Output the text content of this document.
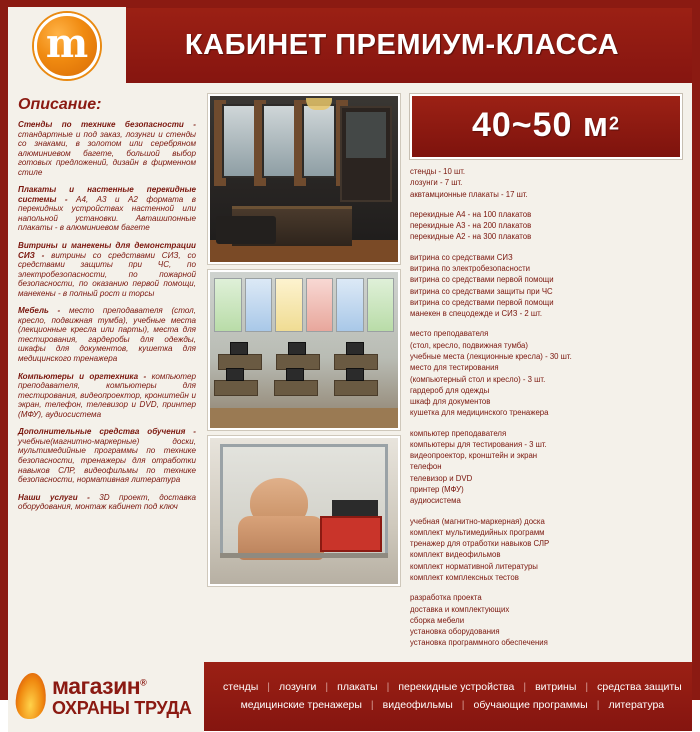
m	КАБИНЕТ ПРЕМИУМ-КЛАССА
Описание:

Стенды по технике безопасности - стандартные и под заказ, лозунги и стенды со знаками, в золотом или серебряном алюминиевом багете, большой выбор готовых предложений, дизайн в фирменном стиле

Плакаты и настенные перекидные системы - А4, А3 и А2 формата в перекидных устройствах настенной или напольной установки. Авташипонные плакаты - в алюминиевом багете

Витрины и манекены для демонстрации СИЗ - витрины со средствами СИЗ, со средствами защиты при ЧС, по электробезопасности, по пожарной безопасности, по оказанию первой помощи, манекены - в полный рост и торсы

Мебель - место преподавателя (стол, кресло, подвижная тумба), учебные места (лекционные кресла или парты), места для тестирования, гардеробы для одежды, шкафы для документов, кушетка для медицинского тренажера

Компьютеры и оргтехника - компьютер преподавателя, компьютеры для тестирования, видеопроектор, кронштейн и экран, телефон, телевизор и DVD, принтер (МФУ), аудиосистема

Дополнительные средства обучения - учебные(магнитно-маркерные) доски, мультимедийные программы по технике безопасности, тренажеры для отработки навыков СЛР, видеофильмы по технике безопасности, нормативная литература

Наши услуги - 3D проект, доставка оборудования, монтаж кабинет под ключ

40~50 $м^2$

стенды - 10 шт.

лозунги - 7 шт.

аквтамционные плакаты - 17 шт.

перекидные А4 - на 100 плакатов

перекидные А3 - на 200 плакатов

перекидные А2 - на 300 плакатов

витрина со средствами СИЗ

витрина по электробезопасности

витрина со средствами первой помощи

витрина со средствами защиты при ЧС

витрина со средствами первой помощи

манекен в спецодежде и СИЗ - 2 шт.

место преподавателя

(стол, кресло, подвижная тумба)

учебные места (лекционные кресла) - 30 шт.

место для тестирования

(компьютерный стол и кресло) - 3 шт.

гардероб для одежды

шкаф для документов

кушетка для медицинского тренажера

компьютер преподавателя

компьютеры для тестирования - 3 шт.

видеопроектор, кронштейн и экран

телефон

телевизор и DVD

принтер (МФУ)

аудиосистема

учебная (магнитно-маркерная) доска

комплект мультимедийных программ

тренажер для отработки навыков СЛР

комплект видеофильмов

комплект нормативной литературы

комплект комплексных тестов

разработка проекта

доставка и комплектующих

сборка мебели

установка оборудования

установка программного обеспечения

магазин®
ОХРАНЫ ТРУДА
стенды | лозунги | плакаты | перекидные устройства | витрины | средства защиты
медицинские тренажеры | видеофильмы | обучающие программы | литература
